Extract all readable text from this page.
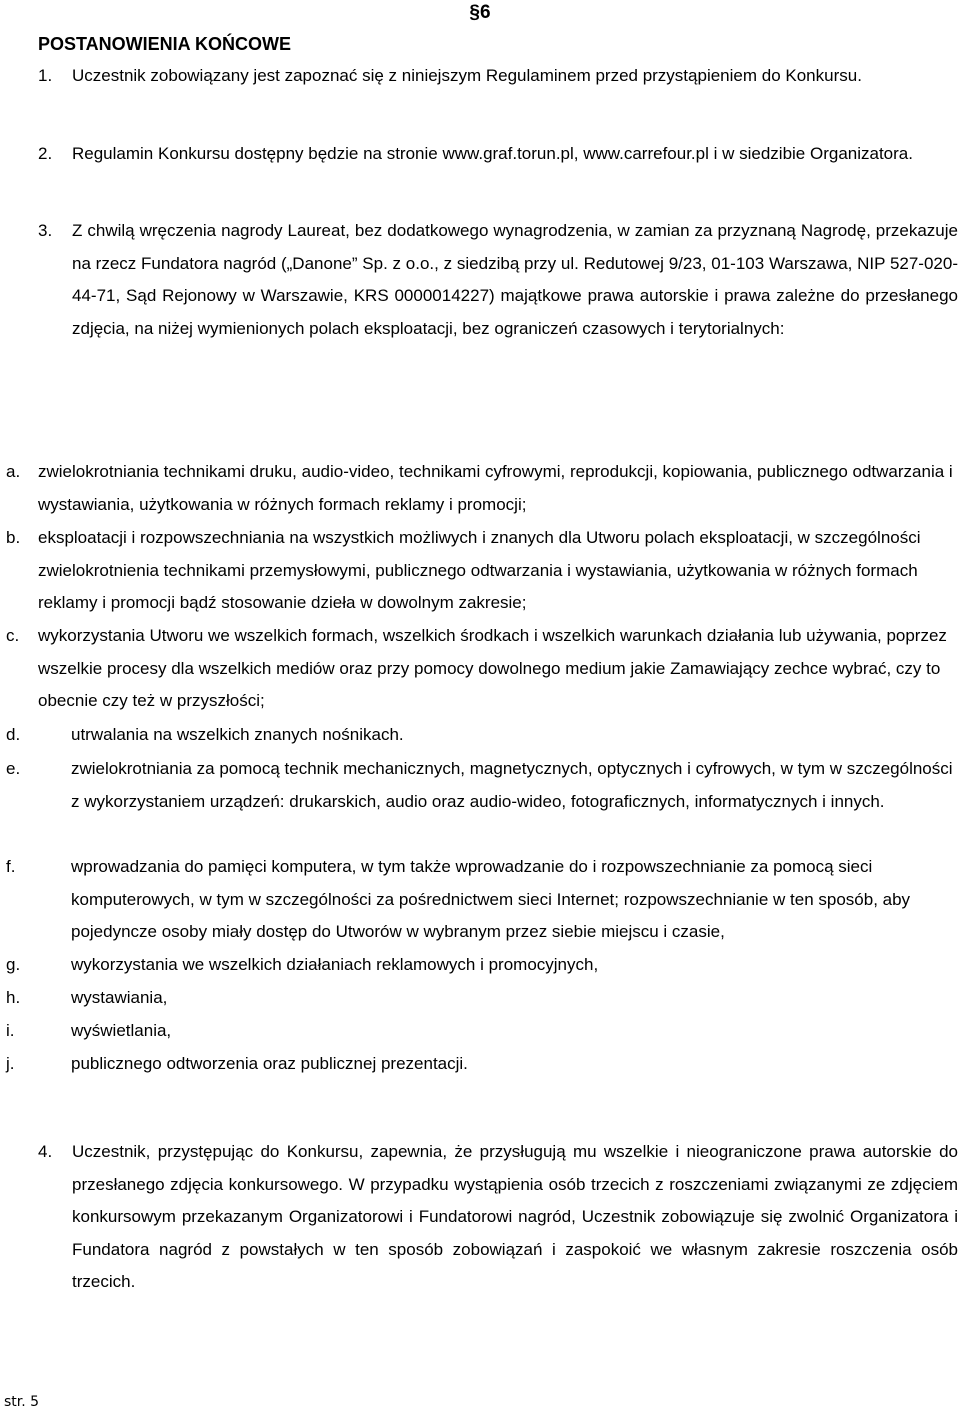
§6
POSTANOWIENIA KOŃCOWE
1. Uczestnik zobowiązany jest zapoznać się z niniejszym Regulaminem przed przystąpieniem do Konkursu.
2. Regulamin Konkursu dostępny będzie na stronie www.graf.torun.pl, www.carrefour.pl i w siedzibie Organizatora.
3. Z chwilą wręczenia nagrody Laureat, bez dodatkowego wynagrodzenia, w zamian za przyznaną Nagrodę, przekazuje na rzecz Fundatora nagród („Danone” Sp. z o.o., z siedzibą przy ul. Redutowej 9/23, 01-103 Warszawa, NIP 527-020-44-71, Sąd Rejonowy w Warszawie, KRS 0000014227) majątkowe prawa autorskie i prawa zależne do przesłanego zdjęcia, na niżej wymienionych polach eksploatacji, bez ograniczeń czasowych i terytorialnych:
a. zwielokrotniania technikami druku, audio-video, technikami cyfrowymi, reprodukcji, kopiowania, publicznego odtwarzania i wystawiania, użytkowania w różnych formach reklamy i promocji;
b. eksploatacji i rozpowszechniania na wszystkich możliwych i znanych dla Utworu polach eksploatacji, w szczególności zwielokrotnienia technikami przemysłowymi, publicznego odtwarzania i wystawiania, użytkowania w różnych formach reklamy i promocji bądź stosowanie dzieła w dowolnym zakresie;
c. wykorzystania Utworu we wszelkich formach, wszelkich środkach i wszelkich warunkach działania lub używania, poprzez wszelkie procesy dla wszelkich mediów oraz przy pomocy dowolnego medium jakie Zamawiający zechce wybrać, czy to obecnie czy też w przyszłości;
d.	utrwalania na wszelkich znanych nośnikach.
e.	zwielokrotniania za pomocą technik mechanicznych, magnetycznych, optycznych i cyfrowych, w tym w szczególności z wykorzystaniem urządzeń: drukarskich, audio oraz audio-wideo, fotograficznych, informatycznych i innych.
f.	wprowadzania do pamięci komputera, w tym także wprowadzanie do i rozpowszechnianie za pomocą sieci komputerowych, w tym w szczególności za pośrednictwem sieci Internet; rozpowszechnianie w ten sposób, aby pojedyncze osoby miały dostęp do Utworów w wybranym przez siebie miejscu i czasie,
g.	wykorzystania we wszelkich działaniach reklamowych i promocyjnych,
h.	wystawiania,
i.	wyświetlania,
j.	publicznego odtworzenia oraz publicznej prezentacji.
4. Uczestnik, przystępując do Konkursu, zapewnia, że przysługują mu wszelkie i nieograniczone prawa autorskie do przesłanego zdjęcia konkursowego. W przypadku wystąpienia osób trzecich z roszczeniami związanymi ze zdjęciem konkursowym przekazanym Organizatorowi i Fundatorowi nagród, Uczestnik zobowiązuje się zwolnić Organizatora i Fundatora nagród z powstałych w ten sposób zobowiązań i zaspokoić we własnym zakresie roszczenia osób trzecich.
str. 5
